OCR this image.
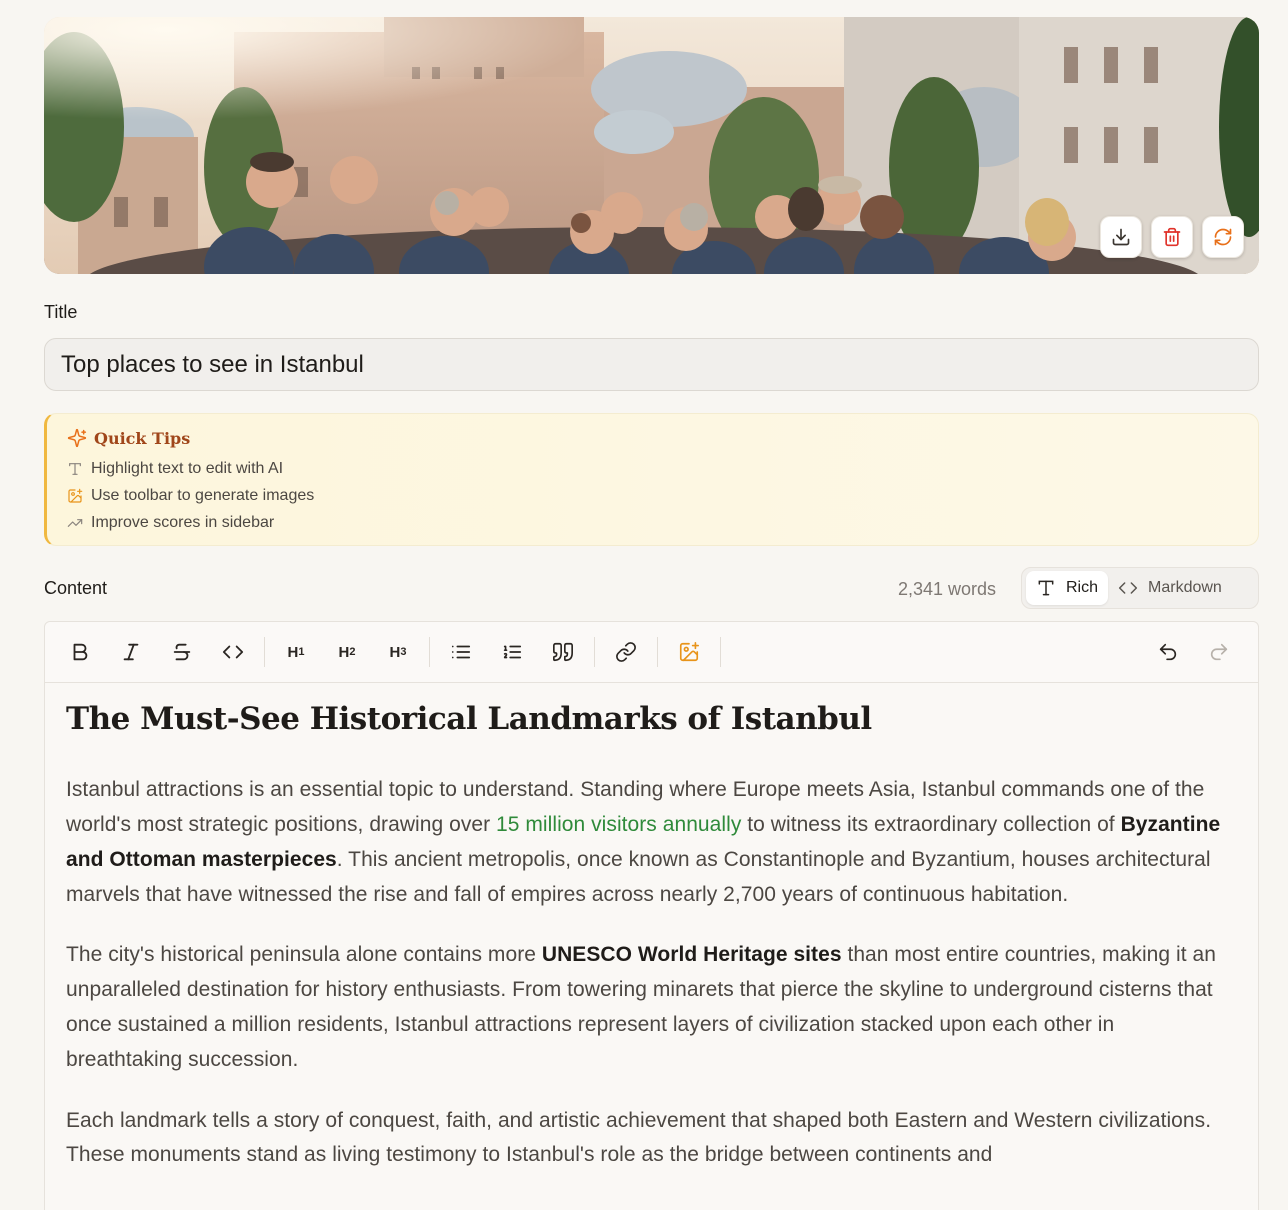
Title
Top places to see in Istanbul
Quick Tips
Highlight text to edit with AI
Use toolbar to generate images
Improve scores in sidebar
Content	2,341 words	Rich	Markdown
H 1 H 2 H 3
The Must-See Historical Landmarks of Istanbul

Istanbul attractions is an essential topic to understand. Standing where Europe meets Asia, Istanbul commands one of the world's most strategic positions, drawing over 15 million visitors annually to witness its extraordinary collection of Byzantine and Ottoman masterpieces. This ancient metropolis, once known as Constantinople and Byzantium, houses architectural marvels that have witnessed the rise and fall of empires across nearly 2,700 years of continuous habitation.

The city's historical peninsula alone contains more UNESCO World Heritage sites than most entire countries, making it an unparalleled destination for history enthusiasts. From towering minarets that pierce the skyline to underground cisterns that once sustained a million residents, Istanbul attractions represent layers of civilization stacked upon each other in breathtaking succession.

Each landmark tells a story of conquest, faith, and artistic achievement that shaped both Eastern and Western civilizations. These monuments stand as living testimony to Istanbul's role as the bridge between continents and
